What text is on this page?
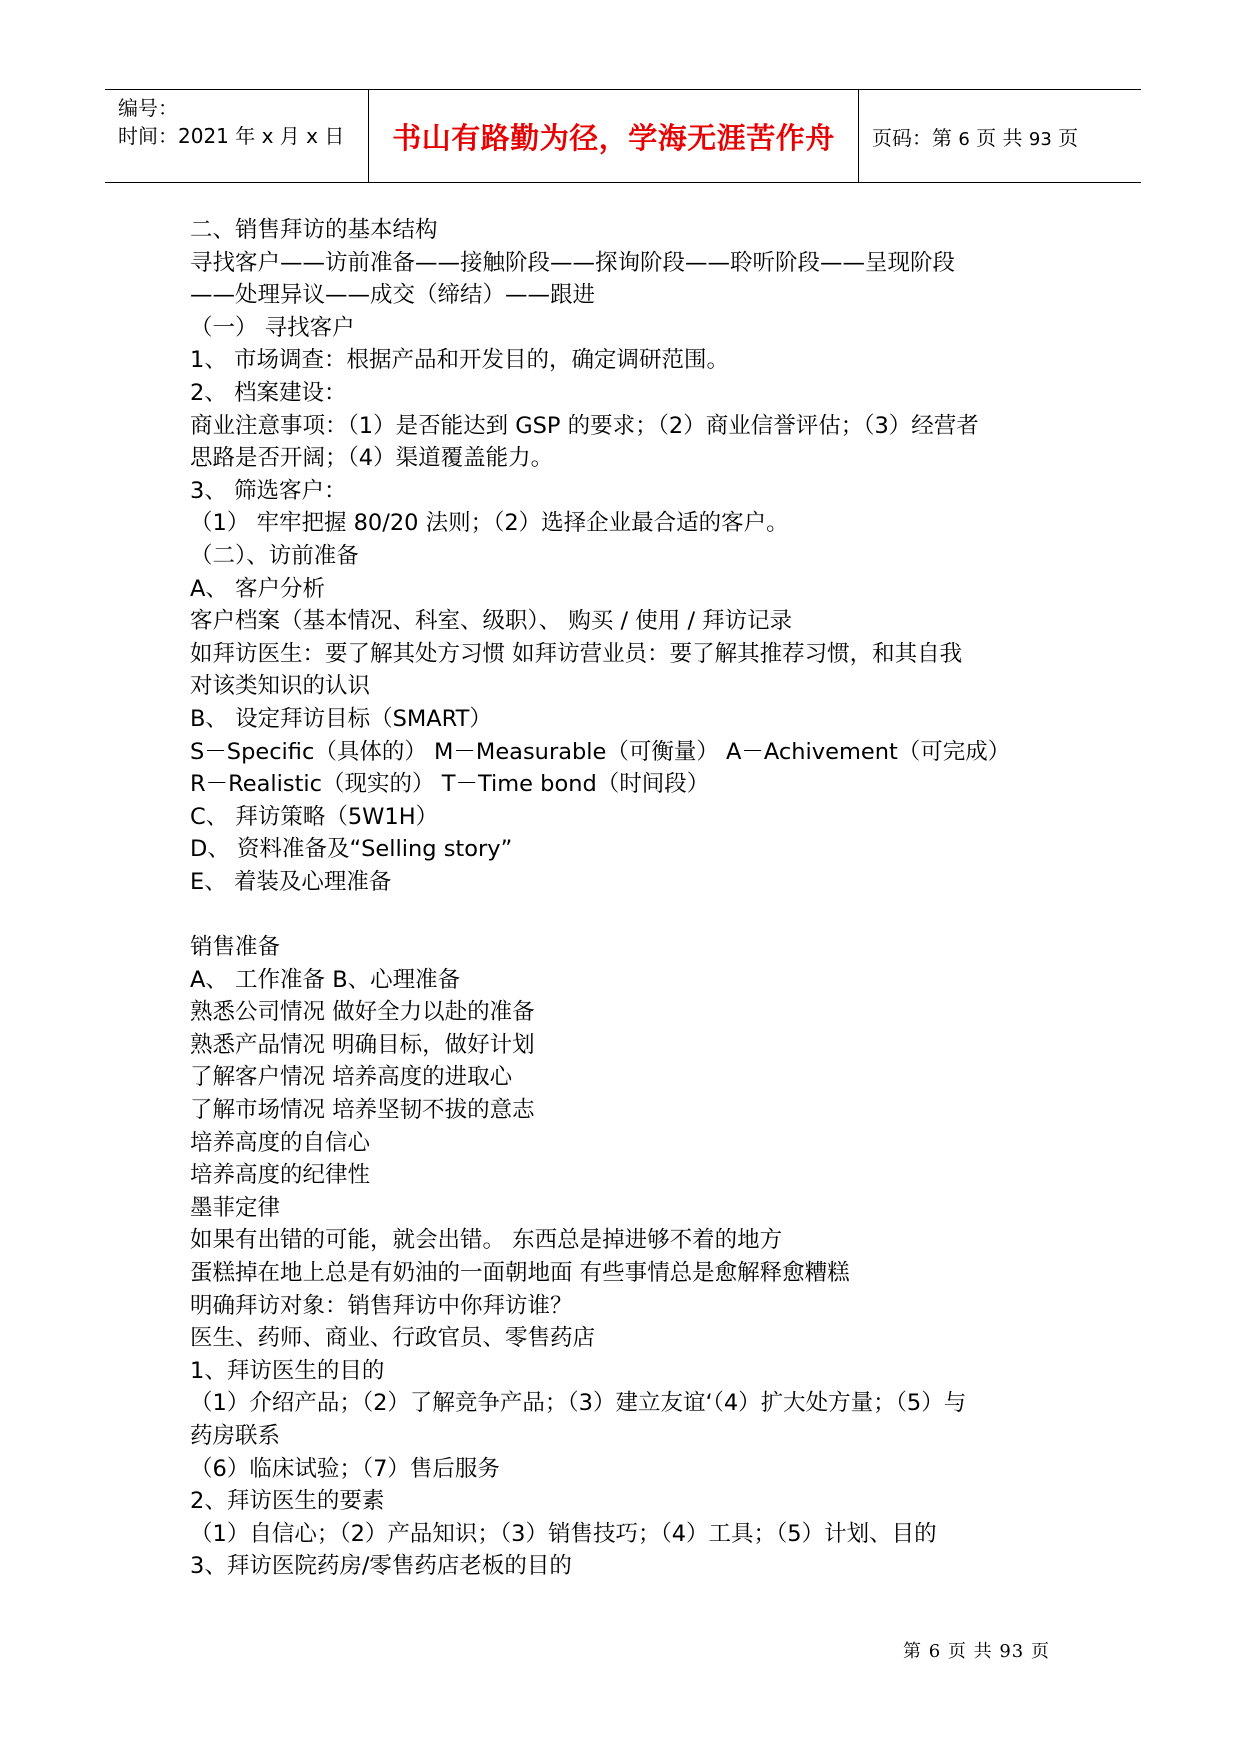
编号：
时间：2021 年 x 月 x 日	书山有路勤为径，学海无涯苦作舟	页码：第 6 页 共 93 页
二、销售拜访的基本结构
寻找客户——访前准备——接触阶段——探询阶段——聆听阶段——呈现阶段
——处理异议——成交（缔结）——跟进
（一） 寻找客户
1、 市场调查：根据产品和开发目的，确定调研范围。
2、 档案建设：
商业注意事项：（1）是否能达到 GSP 的要求；（2）商业信誉评估；（3）经营者
思路是否开阔；（4）渠道覆盖能力。
3、 筛选客户：
（1） 牢牢把握 80/20 法则；（2）选择企业最合适的客户。
（二）、访前准备
A、 客户分析
客户档案（基本情况、科室、级职）、 购买 / 使用 / 拜访记录
如拜访医生：要了解其处方习惯 如拜访营业员：要了解其推荐习惯，和其自我
对该类知识的认识
B、 设定拜访目标（SMART）
S－Specific（具体的） M－Measurable（可衡量） A－Achivement（可完成）
R－Realistic（现实的） T－Time bond（时间段）
C、 拜访策略（5W1H）
D、 资料准备及“Selling story”
E、 着装及心理准备
销售准备
A、 工作准备 B、心理准备
熟悉公司情况 做好全力以赴的准备
熟悉产品情况 明确目标，做好计划
了解客户情况 培养高度的进取心
了解市场情况 培养坚韧不拔的意志
培养高度的自信心
培养高度的纪律性
墨菲定律
如果有出错的可能，就会出错。 东西总是掉进够不着的地方
蛋糕掉在地上总是有奶油的一面朝地面 有些事情总是愈解释愈糟糕
明确拜访对象：销售拜访中你拜访谁？
医生、药师、商业、行政官员、零售药店
1、拜访医生的目的
（1）介绍产品；（2）了解竞争产品；（3）建立友谊‘（4）扩大处方量；（5）与
药房联系
（6）临床试验；（7）售后服务
2、拜访医生的要素
（1）自信心；（2）产品知识；（3）销售技巧；（4）工具；（5）计划、目的
3、拜访医院药房/零售药店老板的目的
第 6 页 共 93 页
